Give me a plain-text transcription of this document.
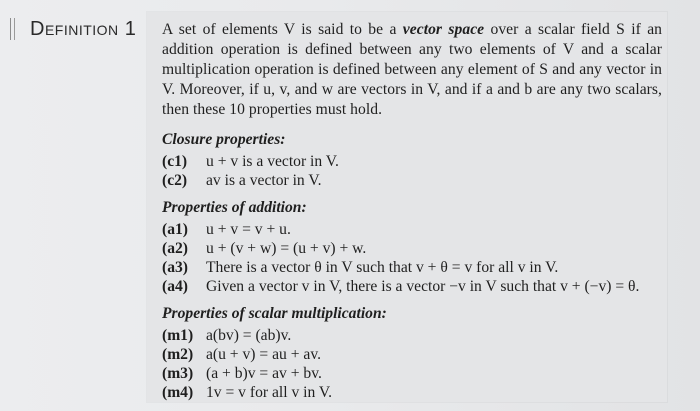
Definition 1 A set of elements V is said to be a vector space over a scalar field S if an addition operation is defined between any two elements of V and a scalar multiplication operation is defined between any element of S and any vector in V. Moreover, if u, v, and w are vectors in V, and if a and b are any two scalars, then these 10 properties must hold.

Closure properties:
(c1)	u + v is a vector in V.
(c2)	av is a vector in V.
Properties of addition:
(a1)	u + v = v + u.
(a2)	u + (v + w) = (u + v) + w.
(a3)	There is a vector θ in V such that v + θ = v for all v in V.
(a4)	Given a vector v in V, there is a vector −v in V such that v + (−v) = θ.
Properties of scalar multiplication:
(m1) a(bv) = (ab)v.
(m2) a(u + v) = au + av.
(m3) (a + b)v = av + bv.
(m4) 1v = v for all v in V.
